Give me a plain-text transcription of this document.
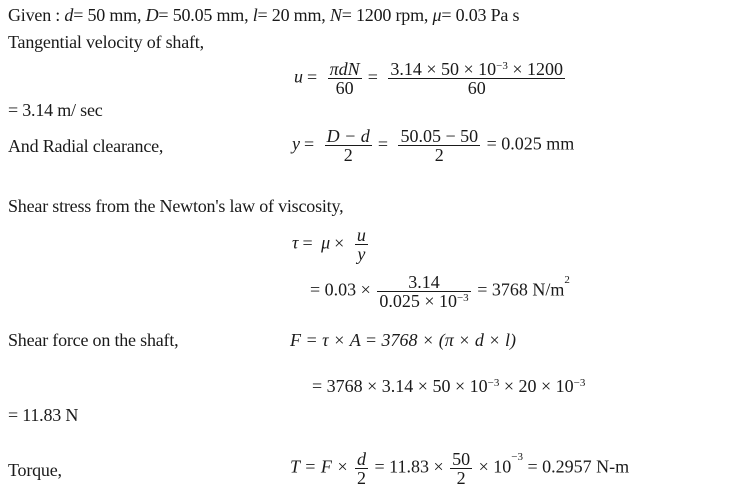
Given : d= 50 mm, D= 50.05 mm, l= 20 mm, N= 1200 rpm, μ= 0.03 Pa s
Tangential velocity of shaft,
$u = \frac{\text{πdN}}{60} = \frac{3.14 \times 50 \times 10^{-3} \times 1200}{60}$
= 3.14 m/ sec
And Radial clearance,	$y = \frac{D - d}{2} = \frac{50.05 - 50}{2} = 0.025$ mm
Shear stress from the Newton's law of viscosity,
$\tau = \mu \times \frac{u}{y}$
= $0.03 \times \frac{3.14}{0.025 \times 10^{-3}} = 3768$ $N/m^2$
Shear force on the shaft,	F = τ × A = 3768 × (π × d × l)
= $3768 \times 3.14 \times 50 \times 10^{-3} \times 20 \times 10^{-3}$
= 11.83 N
Torque,	$T = F \times \frac{d}{2} = 11.83 \times \frac{50}{2} \times 10^{-3} = 0.2957$ N-m
